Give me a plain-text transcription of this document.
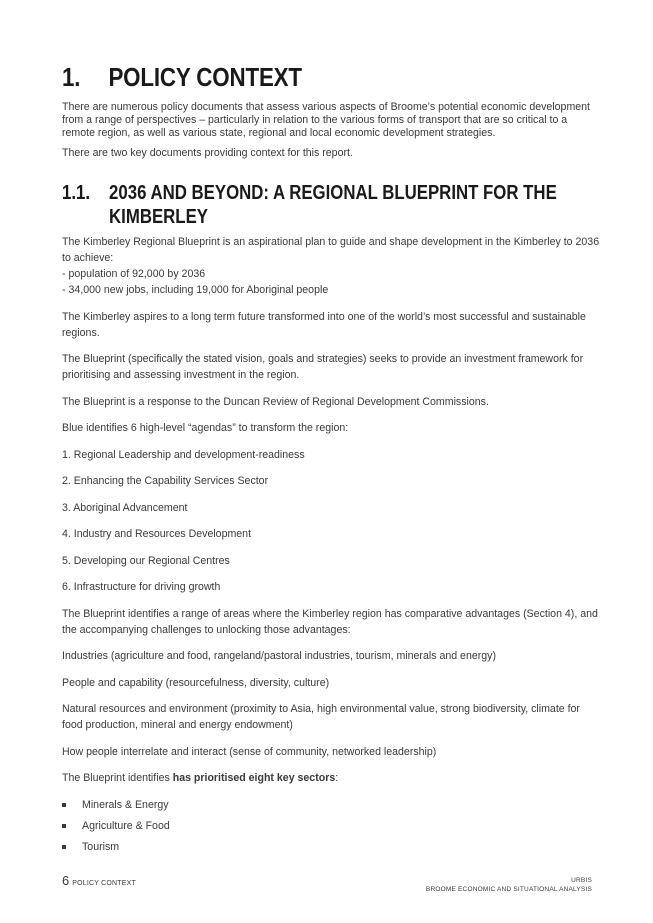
1. POLICY CONTEXT

There are numerous policy documents that assess various aspects of Broome’s potential economic development from a range of perspectives – particularly in relation to the various forms of transport that are so critical to a remote region, as well as various state, regional and local economic development strategies.

There are two key documents providing context for this report.

1.1. 2036 AND BEYOND: A REGIONAL BLUEPRINT FOR THE KIMBERLEY

The Kimberley Regional Blueprint is an aspirational plan to guide and shape development in the Kimberley to 2036 to achieve:
- population of 92,000 by 2036
- 34,000 new jobs, including 19,000 for Aboriginal people

The Kimberley aspires to a long term future transformed into one of the world’s most successful and sustainable regions.

The Blueprint (specifically the stated vision, goals and strategies) seeks to provide an investment framework for prioritising and assessing investment in the region.

The Blueprint is a response to the Duncan Review of Regional Development Commissions.

Blue identifies 6 high-level “agendas” to transform the region:

1. Regional Leadership and development-readiness

2. Enhancing the Capability Services Sector

3. Aboriginal Advancement

4. Industry and Resources Development

5. Developing our Regional Centres

6. Infrastructure for driving growth

The Blueprint identifies a range of areas where the Kimberley region has comparative advantages (Section 4), and the accompanying challenges to unlocking those advantages:

Industries (agriculture and food, rangeland/pastoral industries, tourism, minerals and energy)

People and capability (resourcefulness, diversity, culture)

Natural resources and environment (proximity to Asia, high environmental value, strong biodiversity, climate for food production, mineral and energy endowment)

How people interrelate and interact (sense of community, networked leadership)

The Blueprint identifies has prioritised eight key sectors:

Minerals & Energy
Agriculture & Food
Tourism
6 POLICY CONTEXT	URBIS
BROOME ECONOMIC AND SITUATIONAL ANALYSIS
